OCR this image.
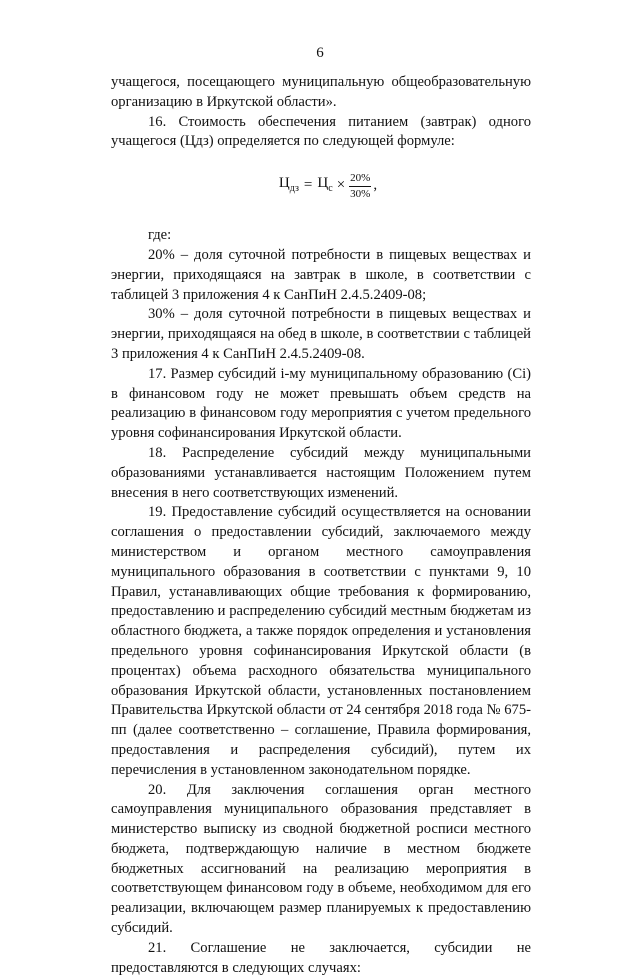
6

учащегося, посещающего муниципальную общеобразовательную организацию в Иркутской области».

16. Стоимость обеспечения питанием (завтрак) одного учащегося (Цдз) определяется по следующей формуле:

$Ц_{дз} = Ц_с \times \frac{20\%}{30\%}$ ,

где:

20% – доля суточной потребности в пищевых веществах и энергии, приходящаяся на завтрак в школе, в соответствии с таблицей 3 приложения 4 к СанПиН 2.4.5.2409-08;

30% – доля суточной потребности в пищевых веществах и энергии, приходящаяся на обед в школе, в соответствии с таблицей 3 приложения 4 к СанПиН 2.4.5.2409-08.

17. Размер субсидий i-му муниципальному образованию (Ci) в финансовом году не может превышать объем средств на реализацию в финансовом году мероприятия с учетом предельного уровня софинансирования Иркутской области.

18. Распределение субсидий между муниципальными образованиями устанавливается настоящим Положением путем внесения в него соответствующих изменений.

19. Предоставление субсидий осуществляется на основании соглашения о предоставлении субсидий, заключаемого между министерством и органом местного самоуправления муниципального образования в соответствии с пунктами 9, 10 Правил, устанавливающих общие требования к формированию, предоставлению и распределению субсидий местным бюджетам из областного бюджета, а также порядок определения и установления предельного уровня софинансирования Иркутской области (в процентах) объема расходного обязательства муниципального образования Иркутской области, установленных постановлением Правительства Иркутской области от 24 сентября 2018 года № 675-пп (далее соответственно – соглашение, Правила формирования, предоставления и распределения субсидий), путем их перечисления в установленном законодательном порядке.

20. Для заключения соглашения орган местного самоуправления муниципального образования представляет в министерство выписку из сводной бюджетной росписи местного бюджета, подтверждающую наличие в местном бюджете бюджетных ассигнований на реализацию мероприятия в соответствующем финансовом году в объеме, необходимом для его реализации, включающем размер планируемых к предоставлению субсидий.

21. Соглашение не заключается, субсидии не предоставляются в следующих случаях:
